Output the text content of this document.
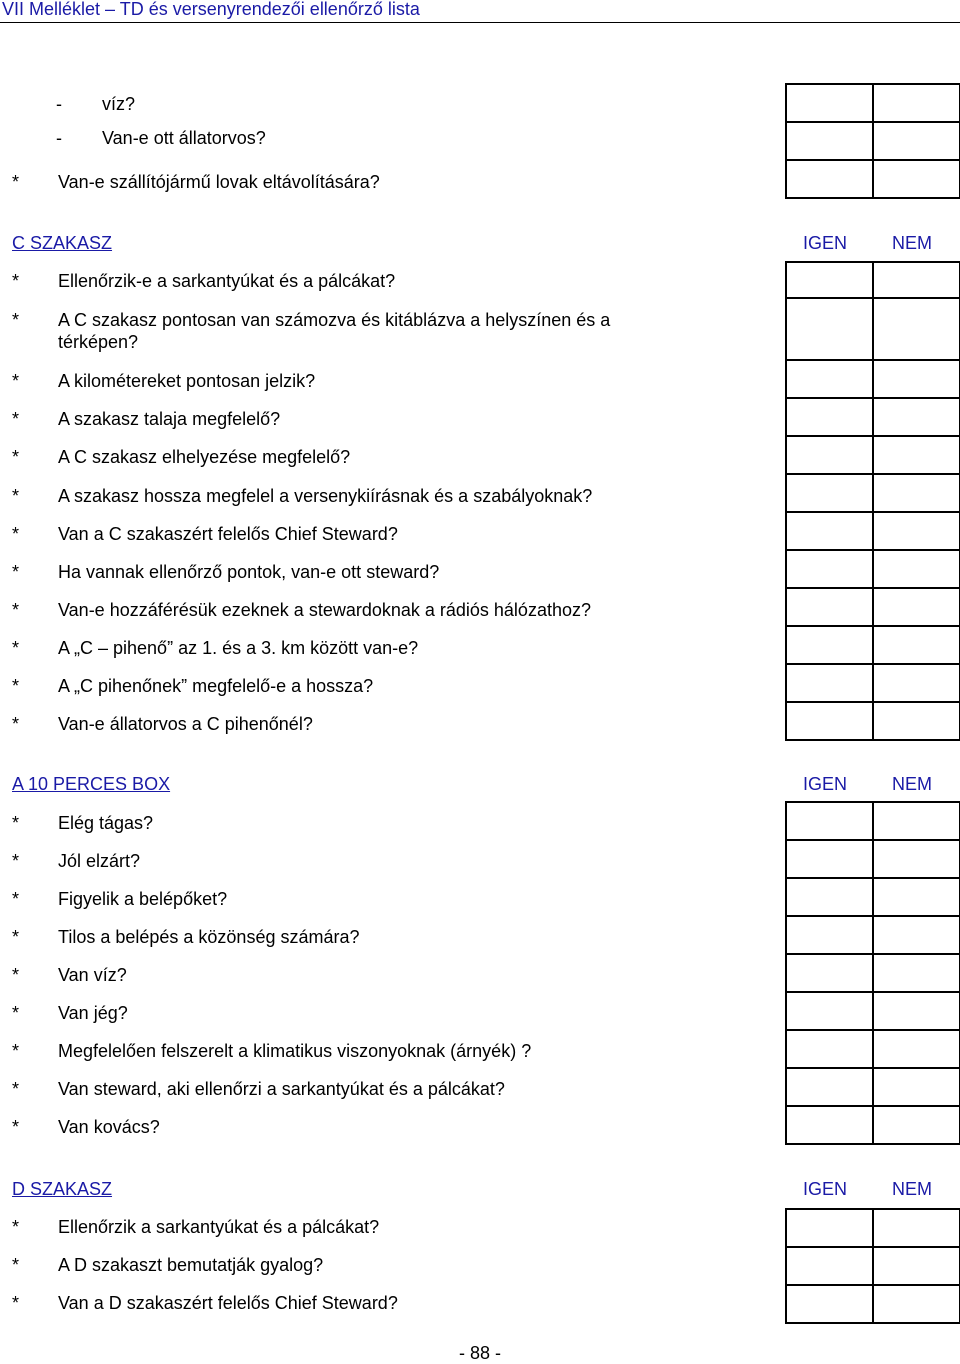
VII Melléklet – TD és versenyrendezői ellenőrző lista
- víz?
- Van-e ott állatorvos?
* Van-e szállítójármű lovak eltávolítására?
C SZAKASZ	IGEN NEM
* Ellenőrzik-e a sarkantyúkat és a pálcákat?
* A C szakasz pontosan van számozva és kitáblázva a helyszínen és a térképen?
* A kilométereket pontosan jelzik?
* A szakasz talaja megfelelő?
* A C szakasz elhelyezése megfelelő?
* A szakasz hossza megfelel a versenykiírásnak és a szabályoknak?
* Van a C szakaszért felelős Chief Steward?
* Ha vannak ellenőrző pontok, van-e ott steward?
* Van-e hozzáférésük ezeknek a stewardoknak a rádiós hálózathoz?
* A „C – pihenő” az 1. és a 3. km között van-e?
* A „C pihenőnek” megfelelő-e a hossza?
* Van-e állatorvos a C pihenőnél?
A 10 PERCES BOX	IGEN NEM
* Elég tágas?
* Jól elzárt?
* Figyelik a belépőket?
* Tilos a belépés a közönség számára?
* Van víz?
* Van jég?
* Megfelelően felszerelt a klimatikus viszonyoknak (árnyék) ?
* Van steward, aki ellenőrzi a sarkantyúkat és a pálcákat?
* Van kovács?
D SZAKASZ	IGEN NEM
* Ellenőrzik a sarkantyúkat és a pálcákat?
* A D szakaszt bemutatják gyalog?
* Van a D szakaszért felelős Chief Steward?
- 88 -
